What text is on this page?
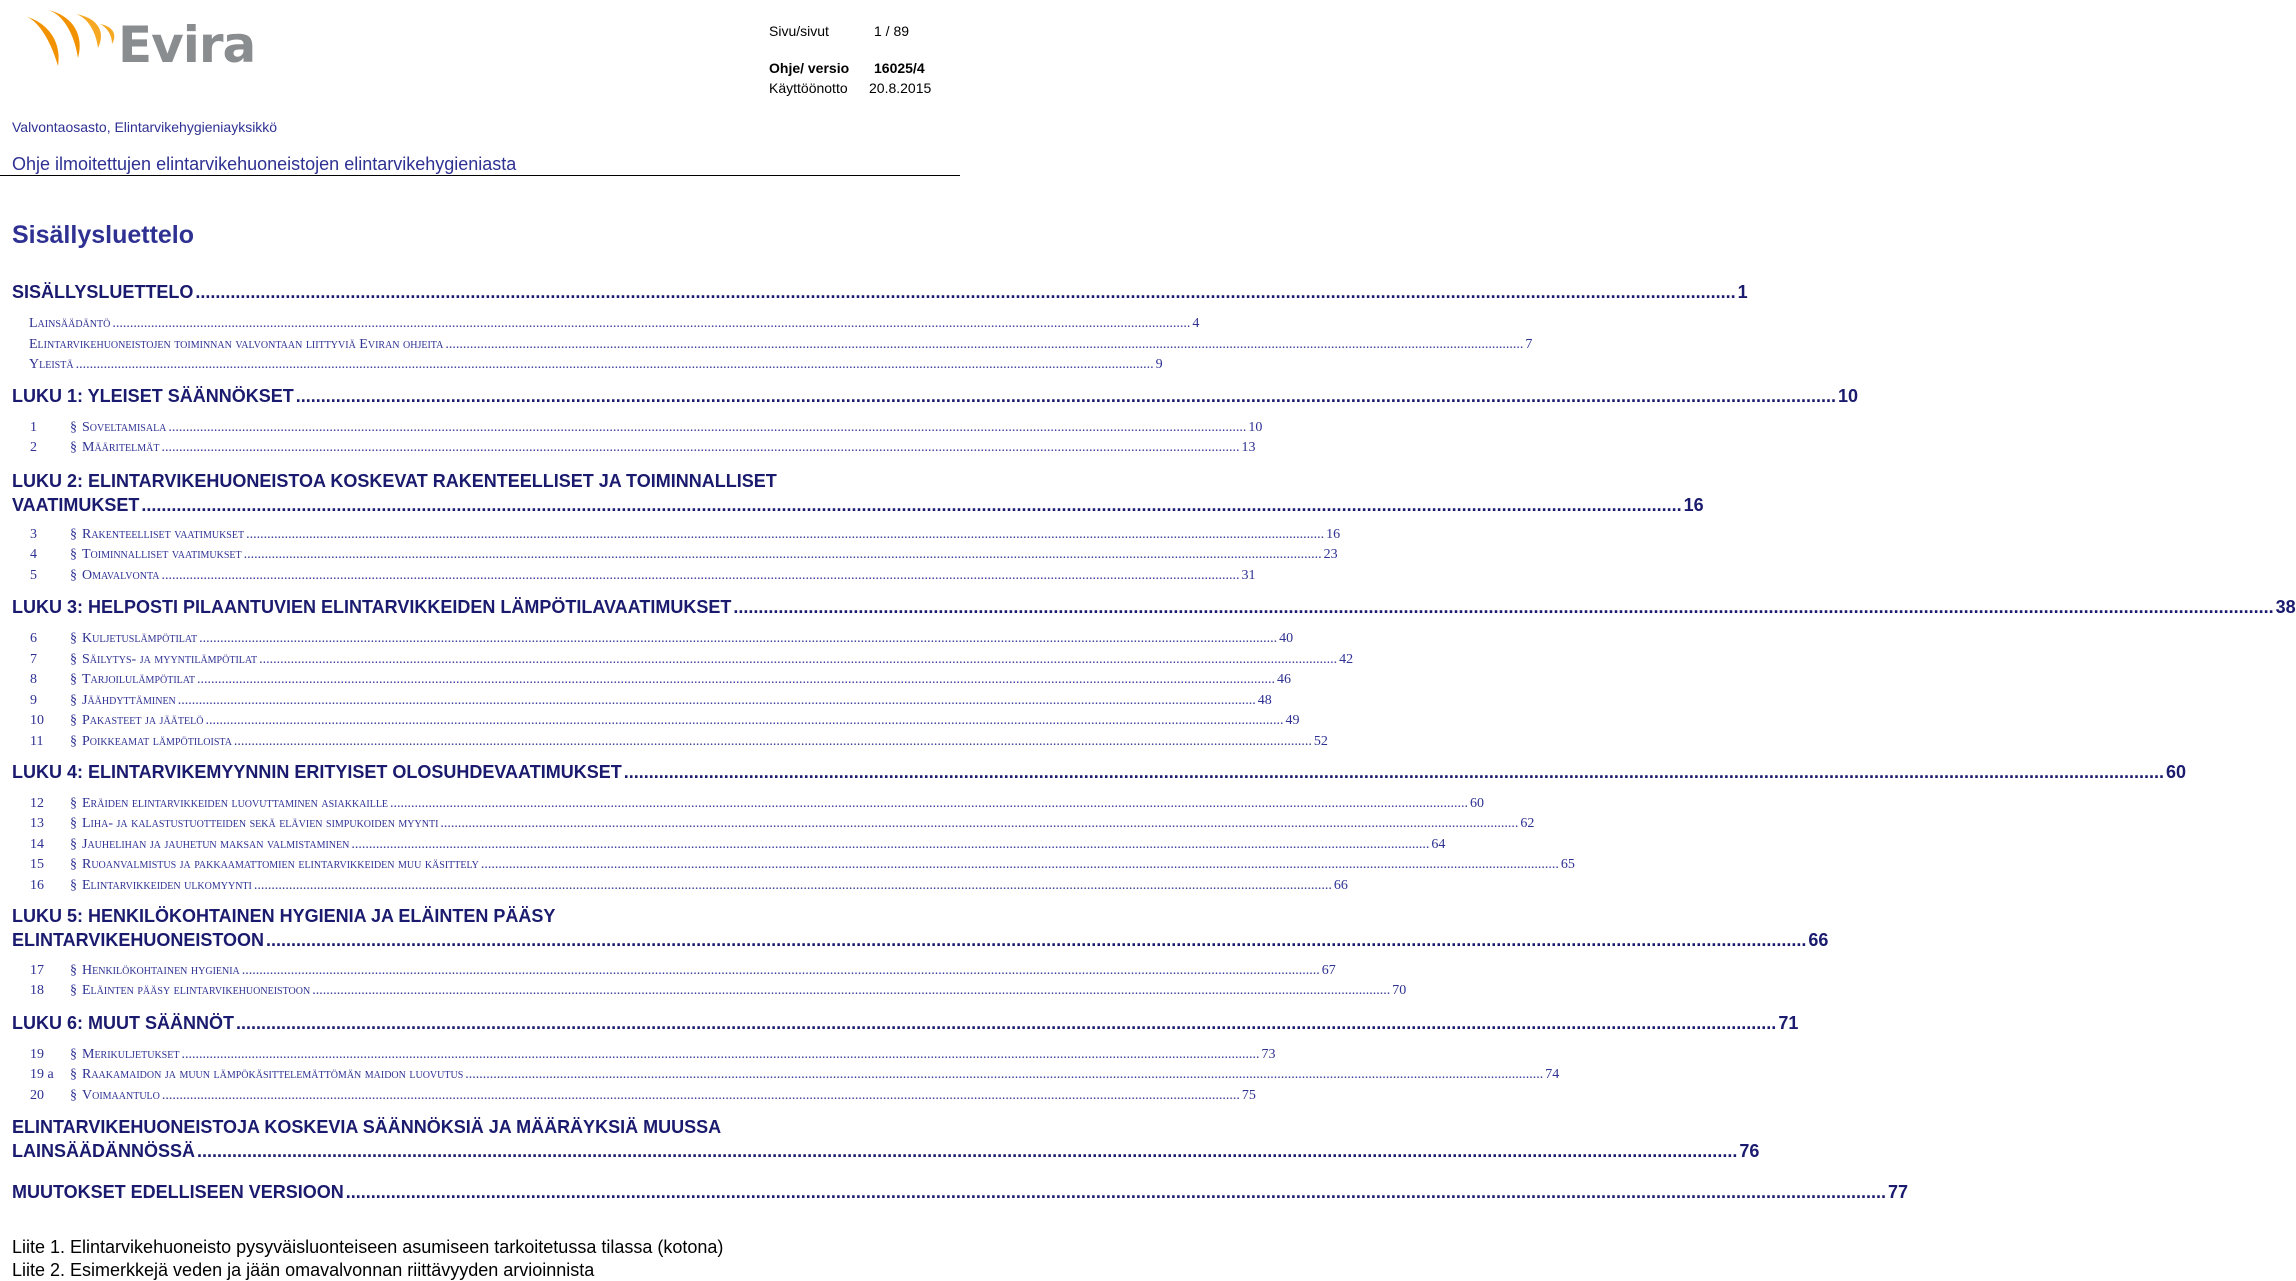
Evira	Sivu/sivut	1 / 89
Ohje/ versio 16025/4
Käyttöönotto 20.8.2015
Valvontaosasto, Elintarvikehygieniayksikkö
Ohje ilmoitettujen elintarvikehuoneistojen elintarvikehygieniasta
Sisällysluettelo
SISÄLLYSLUETTELO .................................................................................................................................................................................................................................................................................................................... 1
Lainsäädäntö .................................................................................................................................................................................................................................................................................................................... 4
Elintarvikehuoneistojen toiminnan valvontaan liittyviä Eviran ohjeita .................................................................................................................................................................................................................................................................................................................... 7
Yleistä .................................................................................................................................................................................................................................................................................................................... 9
LUKU 1: YLEISET SÄÄNNÖKSET .................................................................................................................................................................................................................................................................................................................... 10
1	§ Soveltamisala .................................................................................................................................................................................................................................................................................................................... 10
2	§ Määritelmät .................................................................................................................................................................................................................................................................................................................... 13
LUKU 2: ELINTARVIKEHUONEISTOA KOSKEVAT RAKENTEELLISET JA TOIMINNALLISET
VAATIMUKSET .................................................................................................................................................................................................................................................................................................................... 16
3	§ Rakenteelliset vaatimukset .................................................................................................................................................................................................................................................................................................................... 16
4	§ Toiminnalliset vaatimukset .................................................................................................................................................................................................................................................................................................................... 23
5	§ Omavalvonta .................................................................................................................................................................................................................................................................................................................... 31
LUKU 3: HELPOSTI PILAANTUVIEN ELINTARVIKKEIDEN LÄMPÖTILAVAATIMUKSET .................................................................................................................................................................................................................................................................................................................... 38
6	§ Kuljetuslämpötilat .................................................................................................................................................................................................................................................................................................................... 40
7	§ Säilytys- ja myyntilämpötilat .................................................................................................................................................................................................................................................................................................................... 42
8	§ Tarjoilulämpötilat .................................................................................................................................................................................................................................................................................................................... 46
9	§ Jäähdyttäminen .................................................................................................................................................................................................................................................................................................................... 48
10	§ Pakasteet ja jäätelö .................................................................................................................................................................................................................................................................................................................... 49
11	§ Poikkeamat lämpötiloista .................................................................................................................................................................................................................................................................................................................... 52
LUKU 4: ELINTARVIKEMYYNNIN ERITYISET OLOSUHDEVAATIMUKSET .................................................................................................................................................................................................................................................................................................................... 60
12	§ Eräiden elintarvikkeiden luovuttaminen asiakkaille .................................................................................................................................................................................................................................................................................................................... 60
13	§ Liha- ja kalastustuotteiden sekä elävien simpukoiden myynti .................................................................................................................................................................................................................................................................................................................... 62
14	§ Jauhelihan ja jauhetun maksan valmistaminen .................................................................................................................................................................................................................................................................................................................... 64
15	§ Ruoanvalmistus ja pakkaamattomien elintarvikkeiden muu käsittely .................................................................................................................................................................................................................................................................................................................... 65
16	§ Elintarvikkeiden ulkomyynti .................................................................................................................................................................................................................................................................................................................... 66
LUKU 5: HENKILÖKOHTAINEN HYGIENIA JA ELÄINTEN PÄÄSY
ELINTARVIKEHUONEISTOON .................................................................................................................................................................................................................................................................................................................... 66
17	§ Henkilökohtainen hygienia .................................................................................................................................................................................................................................................................................................................... 67
18	§ Eläinten pääsy elintarvikehuoneistoon .................................................................................................................................................................................................................................................................................................................... 70
LUKU 6: MUUT SÄÄNNÖT .................................................................................................................................................................................................................................................................................................................... 71
19	§ Merikuljetukset .................................................................................................................................................................................................................................................................................................................... 73
19 a	§ Raakamaidon ja muun lämpökäsittelemättömän maidon luovutus .................................................................................................................................................................................................................................................................................................................... 74
20	§ Voimaantulo .................................................................................................................................................................................................................................................................................................................... 75
ELINTARVIKEHUONEISTOJA KOSKEVIA SÄÄNNÖKSIÄ JA MÄÄRÄYKSIÄ MUUSSA
LAINSÄÄDÄNNÖSSÄ .................................................................................................................................................................................................................................................................................................................... 76
MUUTOKSET EDELLISEEN VERSIOON .................................................................................................................................................................................................................................................................................................................... 77
Liite 1. Elintarvikehuoneisto pysyväisluonteiseen asumiseen tarkoitetussa tilassa (kotona)
Liite 2. Esimerkkejä veden ja jään omavalvonnan riittävyyden arvioinnista
